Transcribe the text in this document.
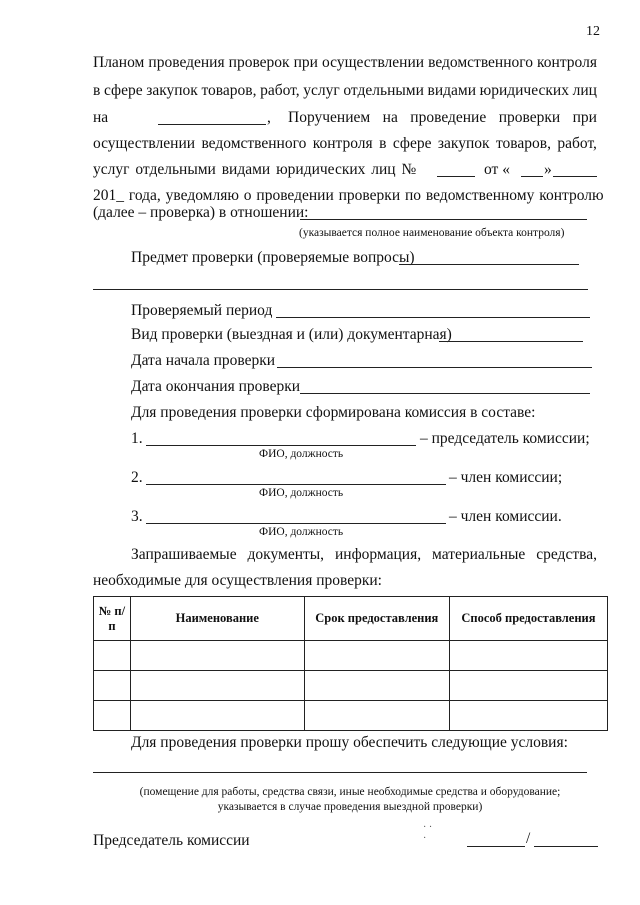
12
Планом проведения проверок при осуществлении ведомственного контроля
в сфере закупок товаров, работ, услуг отдельными видами юридических лиц
на	, Поручением на проведение проверки при
осуществлении ведомственного контроля в сфере закупок товаров, работ,
услуг отдельными видами юридических лиц №	от « »
201_ года, уведомляю о проведении проверки по ведомственному контролю
(далее – проверка) в отношении:
(указывается полное наименование объекта контроля)
Предмет проверки (проверяемые вопросы)
Проверяемый период
Вид проверки (выездная и (или) документарная)
Дата начала проверки
Дата окончания проверки
Для проведения проверки сформирована комиссия в составе:
1.	– председатель комиссии;
ФИО, должность
2.	– член комиссии;
ФИО, должность
3.	– член комиссии.
ФИО, должность
Запрашиваемые документы, информация, материальные средства,
необходимые для осуществления проверки:
№ п/п	Наименование	Срок предоставления	Способ предоставления

Для проведения проверки прошу обеспечить следующие условия:
(помещение для работы, средства связи, иные необходимые средства и оборудование;
указывается в случае проведения выездной проверки)
· ·
·
Председатель комиссии	/
